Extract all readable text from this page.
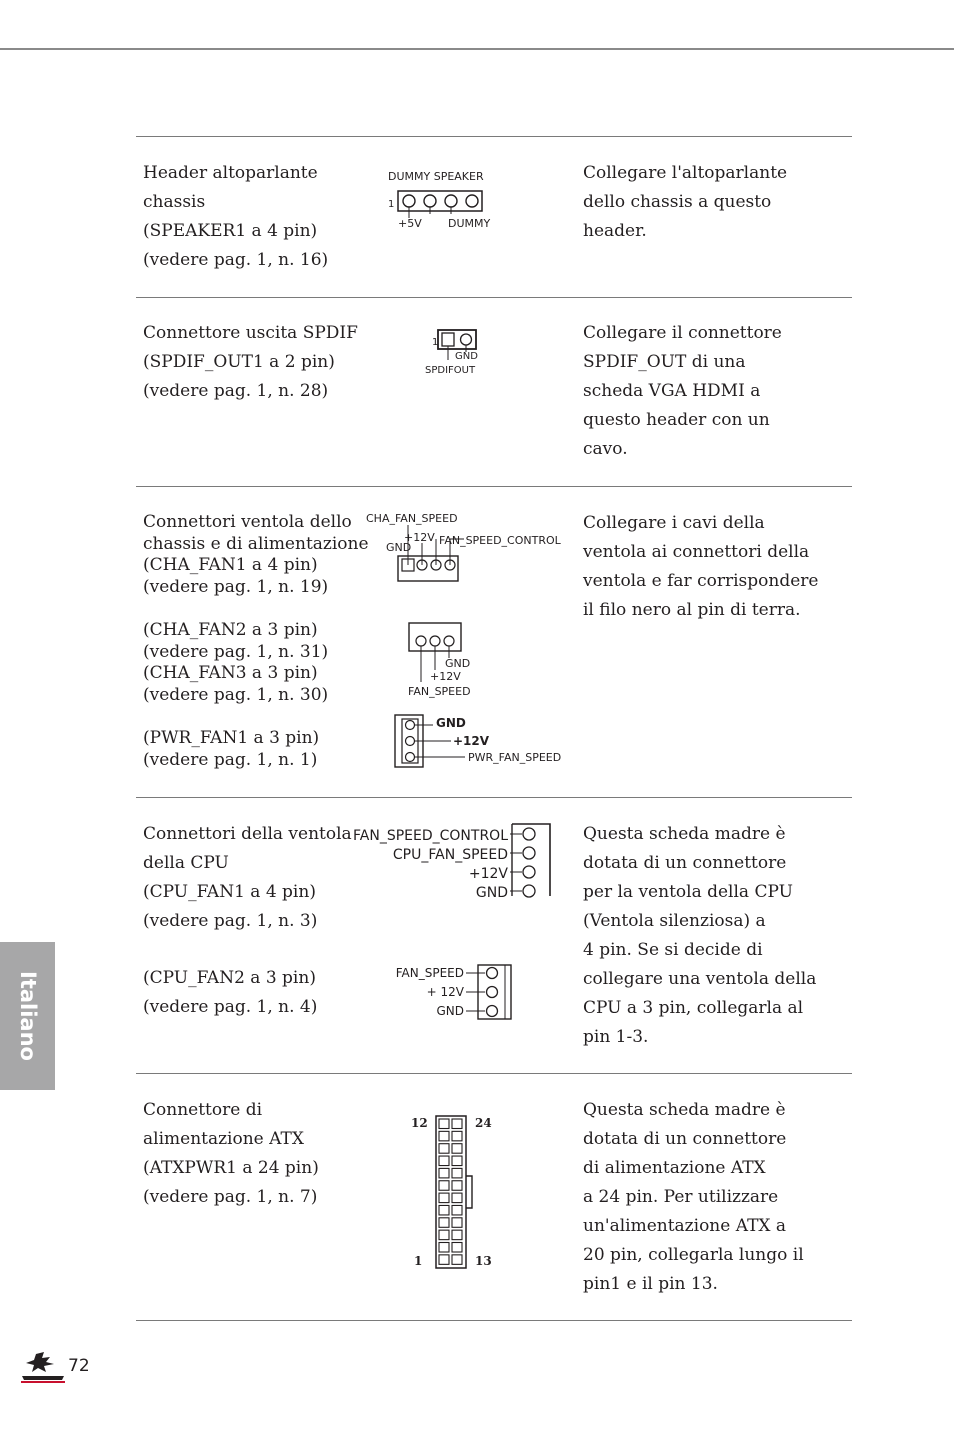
Header altoparlante

chassis

(SPEAKER1 a 4 pin)

(vedere pag. 1, n. 16)

DUMMY SPEAKER
1
+5V DUMMY

Collegare l'altoparlante

dello chassis a questo

header.

Connettore uscita SPDIF

(SPDIF_OUT1 a 2 pin)

(vedere pag. 1, n. 28)

1
GND
SPDIFOUT

Collegare il connettore

SPDIF_OUT di una

scheda VGA HDMI a

questo header con un

cavo.

Connettori ventola dello

chassis e di alimentazione

(CHA_FAN1 a 4 pin)

(vedere pag. 1, n. 19)

(CHA_FAN2 a 3 pin)

(vedere pag. 1, n. 31)

(CHA_FAN3 a 3 pin)

(vedere pag. 1, n. 30)

(PWR_FAN1 a 3 pin)

(vedere pag. 1, n. 1)

CHA_FAN_SPEED
GND
+12V FAN_SPEED_CONTROL
GND
+12V
FAN_SPEED
GND
+12V
PWR_FAN_SPEED

Collegare i cavi della

ventola ai connettori della

ventola e far corrispondere

il filo nero al pin di terra.

Connettori della ventola

della CPU

(CPU_FAN1 a 4 pin)

(vedere pag. 1, n. 3)

(CPU_FAN2 a 3 pin)

(vedere pag. 1, n. 4)

FAN_SPEED_CONTROL
CPU_FAN_SPEED
+12V
GND
FAN_SPEED
+ 12V
GND

Questa scheda madre è

dotata di un connettore

per la ventola della CPU

(Ventola silenziosa) a

4 pin. Se si decide di

collegare una ventola della

CPU a 3 pin, collegarla al

pin 1-3.

Connettore di

alimentazione ATX

(ATXPWR1 a 24 pin)

(vedere pag. 1, n. 7)

12	24
1	13

Questa scheda madre è

dotata di un connettore

di alimentazione ATX

a 24 pin. Per utilizzare

un'alimentazione ATX a

20 pin, collegarla lungo il

pin1 e il pin 13.

Italiano
72
